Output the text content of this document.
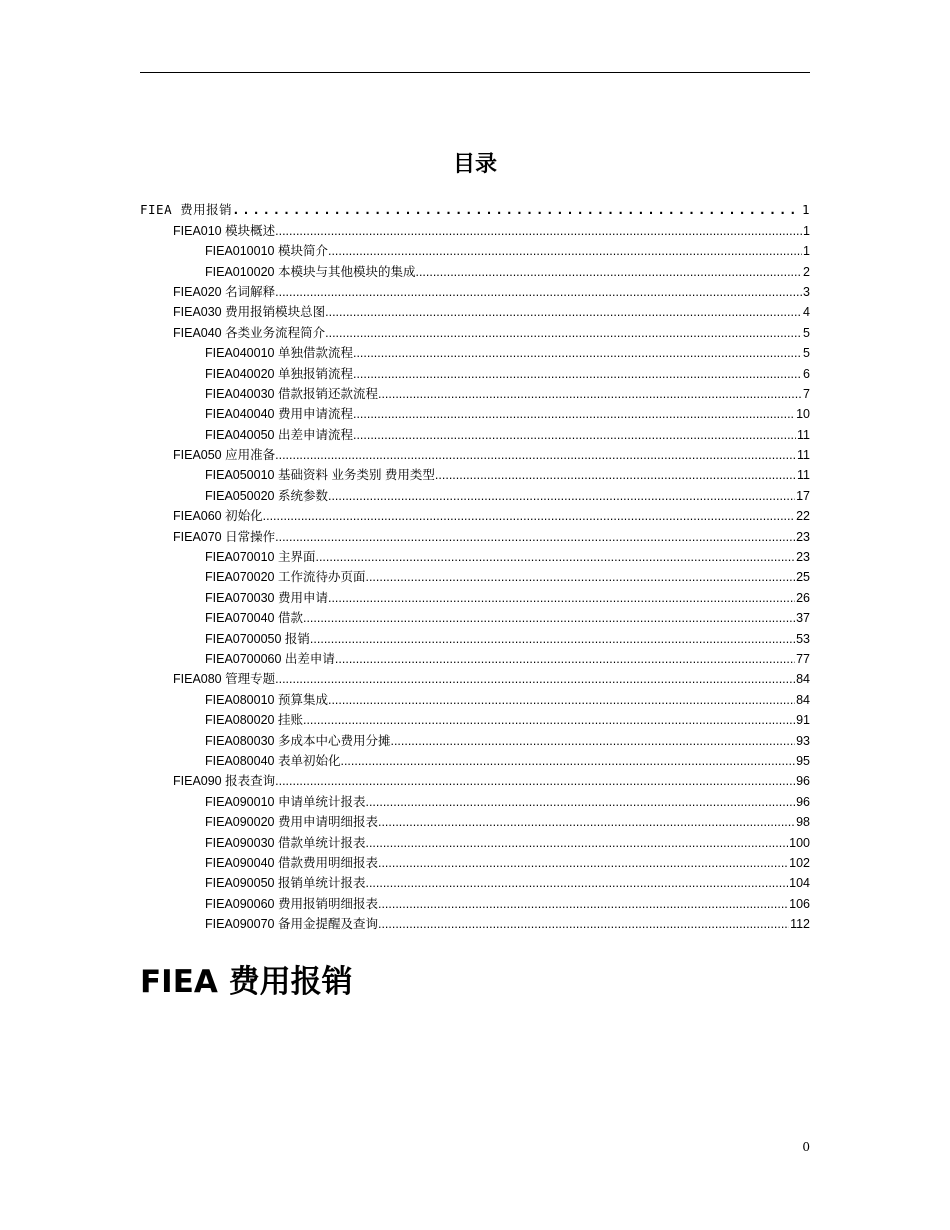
目录
FIEA 费用报销 .....	1
FIEA010 模块概述 .....	1
FIEA010010 模块简介 .....	1
FIEA010020 本模块与其他模块的集成 .....	2
FIEA020 名词解释 .....	3
FIEA030 费用报销模块总图 .....	4
FIEA040 各类业务流程简介 .....	5
FIEA040010 单独借款流程 .....	5
FIEA040020 单独报销流程 .....	6
FIEA040030 借款报销还款流程 .....	7
FIEA040040 费用申请流程 .....	10
FIEA040050 出差申请流程 .....	11
FIEA050 应用准备 .....	11
FIEA050010 基础资料 业务类别 费用类型 .....	11
FIEA050020 系统参数 .....	17
FIEA060 初始化 .....	22
FIEA070 日常操作 .....	23
FIEA070010 主界面 .....	23
FIEA070020 工作流待办页面 .....	25
FIEA070030 费用申请 .....	26
FIEA070040 借款 .....	37
FIEA0700050 报销 .....	53
FIEA0700060 出差申请 .....	77
FIEA080 管理专题 .....	84
FIEA080010 预算集成 .....	84
FIEA080020 挂账 .....	91
FIEA080030 多成本中心费用分摊 .....	93
FIEA080040 表单初始化 .....	95
FIEA090 报表查询 .....	96
FIEA090010 申请单统计报表 .....	96
FIEA090020 费用申请明细报表 .....	98
FIEA090030 借款单统计报表 .....	100
FIEA090040 借款费用明细报表 .....	102
FIEA090050 报销单统计报表 .....	104
FIEA090060 费用报销明细报表 .....	106
FIEA090070 备用金提醒及查询 .....	112
FIEA 费用报销
0
